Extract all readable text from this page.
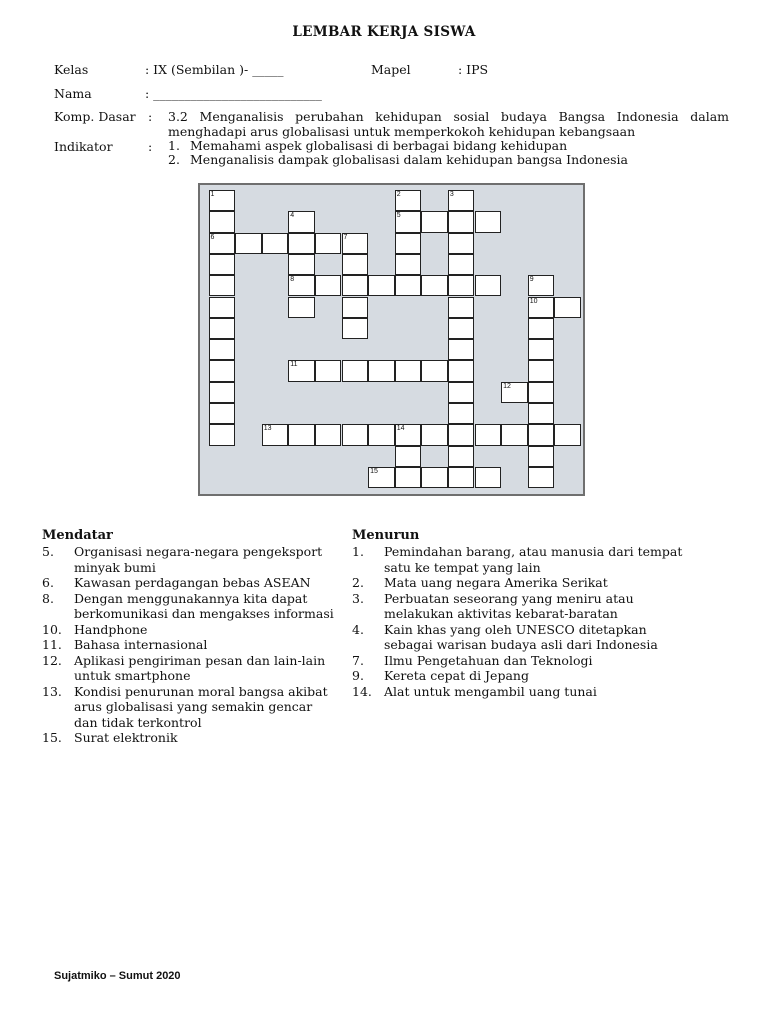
LEMBAR KERJA SISWA
Kelas	: IX (Sembilan )- _____	Mapel	: IPS
Nama	: ___________________________
Komp. Dasar : 3.2 Menganalisis perubahan kehidupan sosial budaya Bangsa Indonesia dalam
menghadapi arus globalisasi untuk memperkokoh kehidupan kebangsaan
Indikator	: 1. Memahami aspek globalisasi di berbagai bidang kehidupan
2. Menganalisis dampak globalisasi dalam kehidupan bangsa Indonesia
1
6
2
5
3
4
8
7
9
10
11
12
13	14
15
Mendatar	Menurun
5. Organisasi negara-negara pengeksport
minyak bumi
6. Kawasan perdagangan bebas ASEAN
8. Dengan menggunakannya kita dapat
berkomunikasi dan mengakses informasi
10. Handphone
11. Bahasa internasional
12. Aplikasi pengiriman pesan dan lain-lain
untuk smartphone
13. Kondisi penurunan moral bangsa akibat
arus globalisasi yang semakin gencar
dan tidak terkontrol
15. Surat elektronik
1. Pemindahan barang, atau manusia dari tempat
satu ke tempat yang lain
2. Mata uang negara Amerika Serikat
3. Perbuatan seseorang yang meniru atau
melakukan aktivitas kebarat-baratan
4. Kain khas yang oleh UNESCO ditetapkan
sebagai warisan budaya asli dari Indonesia
7. Ilmu Pengetahuan dan Teknologi
9. Kereta cepat di Jepang
14. Alat untuk mengambil uang tunai
Sujatmiko – Sumut 2020
